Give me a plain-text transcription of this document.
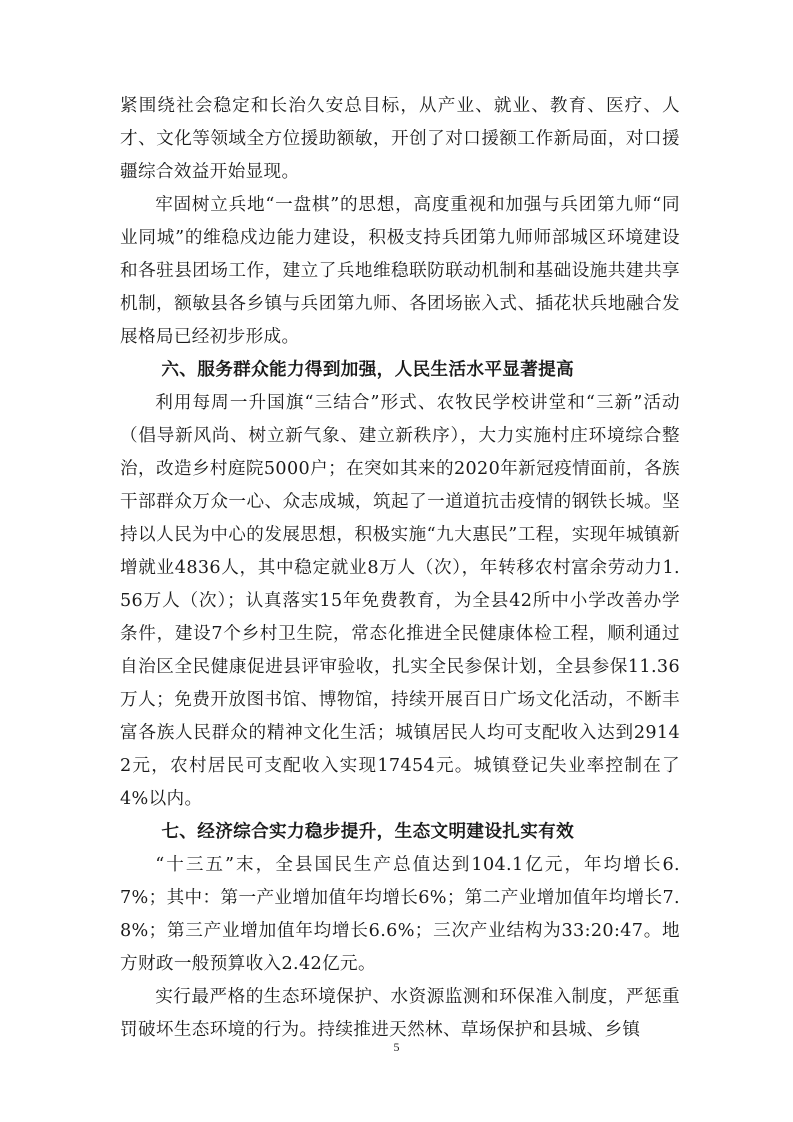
紧围绕社会稳定和长治久安总目标，从产业、就业、教育、医疗、人才、文化等领域全方位援助额敏，开创了对口援额工作新局面，对口援疆综合效益开始显现。

牢固树立兵地“一盘棋”的思想，高度重视和加强与兵团第九师“同业同城”的维稳戍边能力建设，积极支持兵团第九师师部城区环境建设和各驻县团场工作，建立了兵地维稳联防联动机制和基础设施共建共享机制，额敏县各乡镇与兵团第九师、各团场嵌入式、插花状兵地融合发展格局已经初步形成。

六、服务群众能力得到加强，人民生活水平显著提高

利用每周一升国旗“三结合”形式、农牧民学校讲堂和“三新”活动（倡导新风尚、树立新气象、建立新秩序），大力实施村庄环境综合整治，改造乡村庭院5000户；在突如其来的2020年新冠疫情面前，各族干部群众万众一心、众志成城，筑起了一道道抗击疫情的钢铁长城。坚持以人民为中心的发展思想，积极实施“九大惠民”工程，实现年城镇新增就业4836人，其中稳定就业8万人（次），年转移农村富余劳动力1.56万人（次）；认真落实15年免费教育，为全县42所中小学改善办学条件，建设7个乡村卫生院，常态化推进全民健康体检工程，顺利通过自治区全民健康促进县评审验收，扎实全民参保计划，全县参保11.36万人；免费开放图书馆、博物馆，持续开展百日广场文化活动，不断丰富各族人民群众的精神文化生活；城镇居民人均可支配收入达到29142元，农村居民可支配收入实现17454元。城镇登记失业率控制在了4%以内。

七、经济综合实力稳步提升，生态文明建设扎实有效

“十三五”末，全县国民生产总值达到104.1亿元，年均增长6.7%；其中：第一产业增加值年均增长6%；第二产业增加值年均增长7.8%；第三产业增加值年均增长6.6%；三次产业结构为33:20:47。地方财政一般预算收入2.42亿元。

实行最严格的生态环境保护、水资源监测和环保准入制度，严惩重罚破坏生态环境的行为。持续推进天然林、草场保护和县城、乡镇

5
